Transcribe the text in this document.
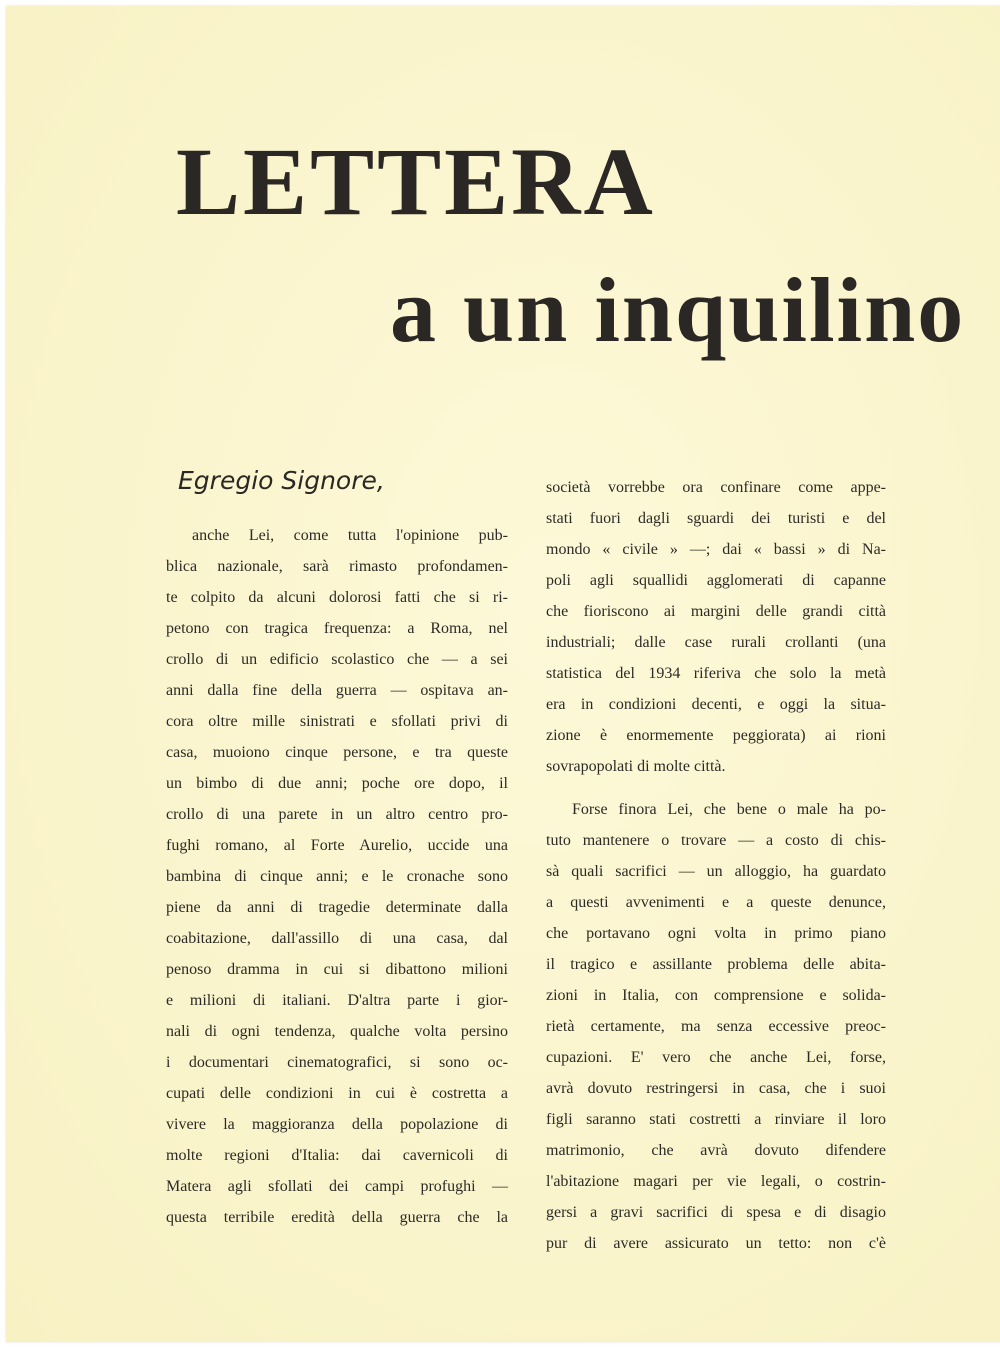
LETTERA
a un inquilino
Egregio Signore,
anche Lei, come tutta l'opinione pub-
blica nazionale, sarà rimasto profondamen-
te colpito da alcuni dolorosi fatti che si ri-
petono con tragica frequenza: a Roma, nel
crollo di un edificio scolastico che — a sei
anni dalla fine della guerra — ospitava an-
cora oltre mille sinistrati e sfollati privi di
casa, muoiono cinque persone, e tra queste
un bimbo di due anni; poche ore dopo, il
crollo di una parete in un altro centro pro-
fughi romano, al Forte Aurelio, uccide una
bambina di cinque anni; e le cronache sono
piene da anni di tragedie determinate dalla
coabitazione, dall'assillo di una casa, dal
penoso dramma in cui si dibattono milioni
e milioni di italiani. D'altra parte i gior-
nali di ogni tendenza, qualche volta persino
i documentari cinematografici, si sono oc-
cupati delle condizioni in cui è costretta a
vivere la maggioranza della popolazione di
molte regioni d'Italia: dai cavernicoli di
Matera agli sfollati dei campi profughi —
questa terribile eredità della guerra che la
società vorrebbe ora confinare come appe-
stati fuori dagli sguardi dei turisti e del
mondo « civile » —; dai « bassi » di Na-
poli agli squallidi agglomerati di capanne
che fioriscono ai margini delle grandi città
industriali; dalle case rurali crollanti (una
statistica del 1934 riferiva che solo la metà
era in condizioni decenti, e oggi la situa-
zione è enormemente peggiorata) ai rioni
sovrapopolati di molte città.
Forse finora Lei, che bene o male ha po-
tuto mantenere o trovare — a costo di chis-
sà quali sacrifici — un alloggio, ha guardato
a questi avvenimenti e a queste denunce,
che portavano ogni volta in primo piano
il tragico e assillante problema delle abita-
zioni in Italia, con comprensione e solida-
rietà certamente, ma senza eccessive preoc-
cupazioni. E' vero che anche Lei, forse,
avrà dovuto restringersi in casa, che i suoi
figli saranno stati costretti a rinviare il loro
matrimonio, che avrà dovuto difendere
l'abitazione magari per vie legali, o costrin-
gersi a gravi sacrifici di spesa e di disagio
pur di avere assicurato un tetto: non c'è
